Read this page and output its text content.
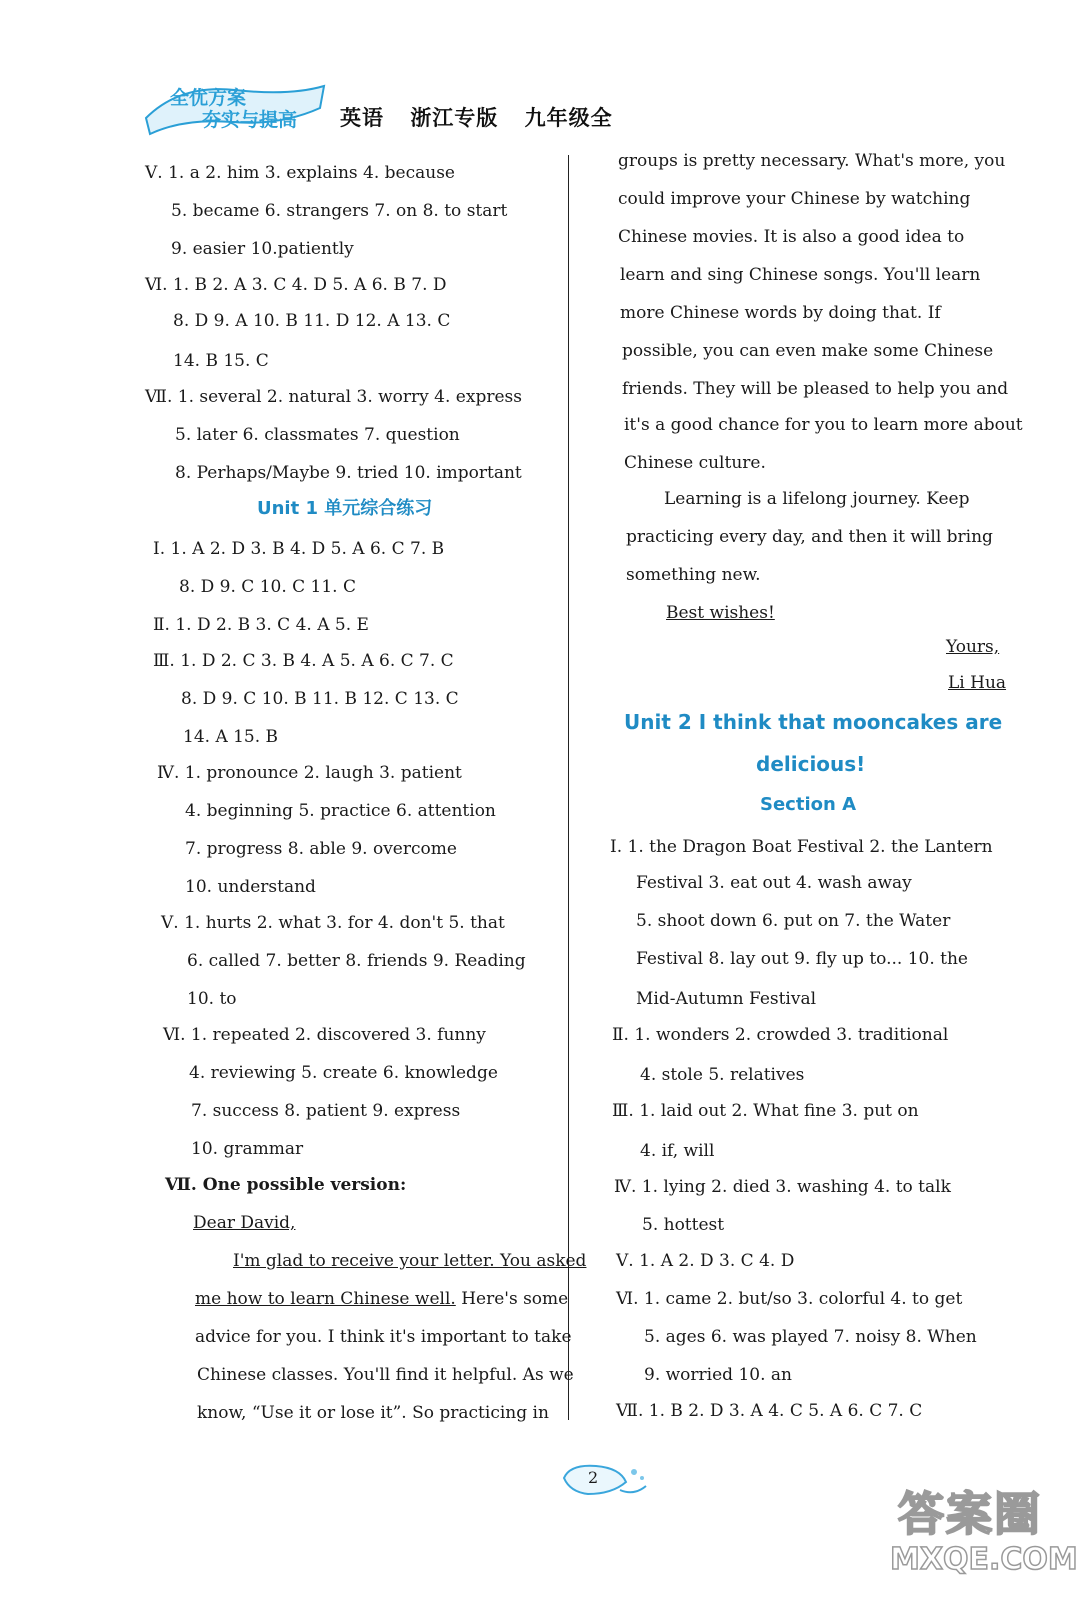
全优方案
夯实与提高 英语 浙江专版 九年级全
Unit 1 单元综合练习
Ⅶ. One possible version:
Ⅴ. 1. a 2. him 3. explains 4. because
5. became 6. strangers 7. on 8. to start
9. easier 10.patiently
Ⅵ. 1. B 2. A 3. C 4. D 5. A 6. B 7. D
8. D 9. A 10. B 11. D 12. A 13. C
14. B 15. C
Ⅶ. 1. several 2. natural 3. worry 4. express
5. later 6. classmates 7. question
8. Perhaps/Maybe 9. tried 10. important
Ⅰ. 1. A 2. D 3. B 4. D 5. A 6. C 7. B
8. D 9. C 10. C 11. C
Ⅱ. 1. D 2. B 3. C 4. A 5. E
Ⅲ. 1. D 2. C 3. B 4. A 5. A 6. C 7. C
8. D 9. C 10. B 11. B 12. C 13. C
14. A 15. B
Ⅳ. 1. pronounce 2. laugh 3. patient
4. beginning 5. practice 6. attention
7. progress 8. able 9. overcome
10. understand
Ⅴ. 1. hurts 2. what 3. for 4. don't 5. that
6. called 7. better 8. friends 9. Reading
10. to
Ⅵ. 1. repeated 2. discovered 3. funny
4. reviewing 5. create 6. knowledge
7. success 8. patient 9. express
10. grammar
Dear David,
I'm glad to receive your letter. You asked
me how to learn Chinese well. Here's some
advice for you. I think it's important to take
Chinese classes. You'll find it helpful. As we
know, “Use it or lose it”. So practicing in
Best wishes!
Yours,
Li Hua
Unit 2 I think that mooncakes are
delicious!
Section A
groups is pretty necessary. What's more, you
could improve your Chinese by watching
Chinese movies. It is also a good idea to
learn and sing Chinese songs. You'll learn
more Chinese words by doing that. If
possible, you can even make some Chinese
friends. They will be pleased to help you and
it's a good chance for you to learn more about
Chinese culture.
Learning is a lifelong journey. Keep
practicing every day, and then it will bring
something new.
Ⅰ. 1. the Dragon Boat Festival 2. the Lantern
Festival 3. eat out 4. wash away
5. shoot down 6. put on 7. the Water
Festival 8. lay out 9. fly up to... 10. the
Mid-Autumn Festival
Ⅱ. 1. wonders 2. crowded 3. traditional
4. stole 5. relatives
Ⅲ. 1. laid out 2. What fine 3. put on
4. if, will
Ⅳ. 1. lying 2. died 3. washing 4. to talk
5. hottest
Ⅴ. 1. A 2. D 3. C 4. D
Ⅵ. 1. came 2. but/so 3. colorful 4. to get
5. ages 6. was played 7. noisy 8. When
9. worried 10. an
Ⅶ. 1. B 2. D 3. A 4. C 5. A 6. C 7. C
2
答案圈
MXQE.COM
